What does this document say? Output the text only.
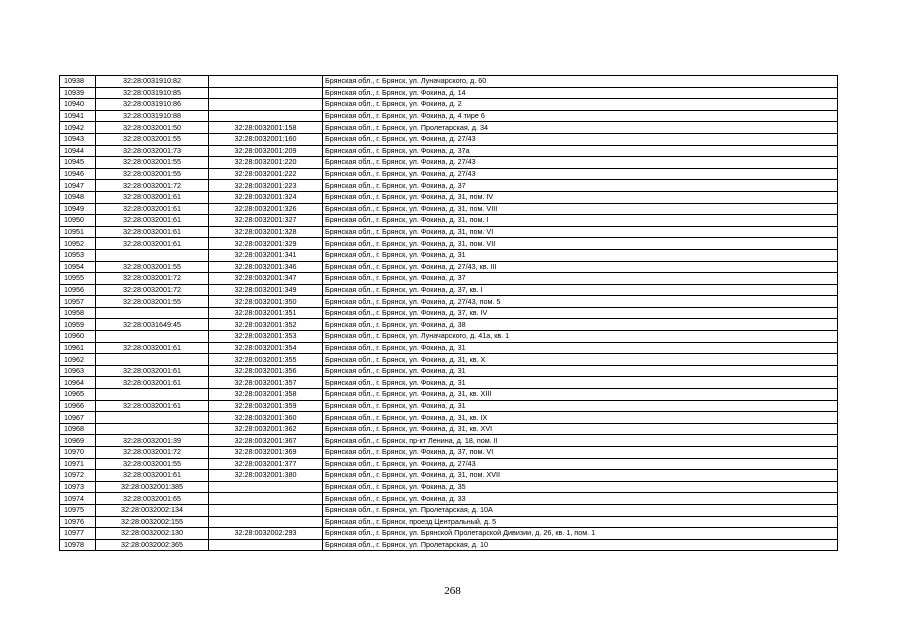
10938	32:28:0031910:82		Брянская обл., г. Брянск, ул. Луначарского, д. 60
10939	32:28:0031910:85		Брянская обл., г. Брянск, ул. Фокина, д. 14
10940	32:28:0031910:86		Брянская обл., г. Брянск, ул. Фокина, д. 2
10941	32:28:0031910:88		Брянская обл., г. Брянск, ул. Фокина, д. 4 тире 6
10942	32:28:0032001:50	32:28:0032001:158	Брянская обл., г. Брянск, ул. Пролетарская, д. 34
10943	32:28:0032001:55	32:28:0032001:160	Брянская обл., г. Брянск, ул. Фокина, д. 27/43
10944	32:28:0032001:73	32:28:0032001:209	Брянская обл., г. Брянск, ул. Фокина, д. 37а
10945	32:28:0032001:55	32:28:0032001:220	Брянская обл., г. Брянск, ул. Фокина, д. 27/43
10946	32:28:0032001:55	32:28:0032001:222	Брянская обл., г. Брянск, ул. Фокина, д. 27/43
10947	32:28:0032001:72	32:28:0032001:223	Брянская обл., г. Брянск, ул. Фокина, д. 37
10948	32:28:0032001:61	32:28:0032001:324	Брянская обл., г. Брянск, ул. Фокина, д. 31, пом. IV
10949	32:28:0032001:61	32:28:0032001:326	Брянская обл., г. Брянск, ул. Фокина, д. 31, пом. VIII
10950	32:28:0032001:61	32:28:0032001:327	Брянская обл., г. Брянск, ул. Фокина, д. 31, пом. I
10951	32:28:0032001:61	32:28:0032001:328	Брянская обл., г. Брянск, ул. Фокина, д. 31, пом. VI
10952	32:28:0032001:61	32:28:0032001:329	Брянская обл., г. Брянск, ул. Фокина, д. 31, пом. VII
10953		32:28:0032001:341	Брянская обл., г. Брянск, ул. Фокина, д. 31
10954	32:28:0032001:55	32:28:0032001:346	Брянская обл., г. Брянск, ул. Фокина, д. 27/43, кв. III
10955	32:28:0032001:72	32:28:0032001:347	Брянская обл., г. Брянск, ул. Фокина, д. 37
10956	32:28:0032001:72	32:28:0032001:349	Брянская обл., г. Брянск, ул. Фокина, д. 37, кв. I
10957	32:28:0032001:55	32:28:0032001:350	Брянская обл., г. Брянск, ул. Фокина, д. 27/43, пом. 5
10958		32:28:0032001:351	Брянская обл., г. Брянск, ул. Фокина, д. 37, кв. IV
10959	32:28:0031649:45	32:28:0032001:352	Брянская обл., г. Брянск, ул. Фокина, д. 38
10960		32:28:0032001:353	Брянская обл., г. Брянск, ул. Луначарского, д. 41а, кв. 1
10961	32:28:0032001:61	32:28:0032001:354	Брянская обл., г. Брянск, ул. Фокина, д. 31
10962		32:28:0032001:355	Брянская обл., г. Брянск, ул. Фокина, д. 31, кв. X
10963	32:28:0032001:61	32:28:0032001:356	Брянская обл., г. Брянск, ул. Фокина, д. 31
10964	32:28:0032001:61	32:28:0032001:357	Брянская обл., г. Брянск, ул. Фокина, д. 31
10965		32:28:0032001:358	Брянская обл., г. Брянск, ул. Фокина, д. 31, кв. XIII
10966	32:28:0032001:61	32:28:0032001:359	Брянская обл., г. Брянск, ул. Фокина, д. 31
10967		32:28:0032001:360	Брянская обл., г. Брянск, ул. Фокина, д. 31, кв. IX
10968		32:28:0032001:362	Брянская обл., г. Брянск, ул. Фокина, д. 31, кв. XVI
10969	32:28:0032001:39	32:28:0032001:367	Брянская обл., г. Брянск, пр-кт Ленина, д. 18, пом. II
10970	32:28:0032001:72	32:28:0032001:369	Брянская обл., г. Брянск, ул. Фокина, д. 37, пом. VI
10971	32:28:0032001:55	32:28:0032001:377	Брянская обл., г. Брянск, ул. Фокина, д. 27/43
10972	32:28:0032001:61	32:28:0032001:380	Брянская обл., г. Брянск, ул. Фокина, д. 31, пом. XVII
10973	32:28:0032001:385		Брянская обл., г. Брянск, ул. Фокина, д. 35
10974	32:28:0032001:65		Брянская обл., г. Брянск, ул. Фокина, д. 33
10975	32:28:0032002:134		Брянская обл., г. Брянск, ул. Пролетарская, д. 10А
10976	32:28:0032002:155		Брянская обл., г. Брянск, проезд Центральный, д. 5
10977	32:28:0032002:130	32:28:0032002:293	Брянская обл., г. Брянск, ул. Брянской Пролетарской Дивизии, д. 26, кв. 1, пом. 1
10978	32:28:0032002:365		Брянская обл., г. Брянск, ул. Пролетарская, д. 10
268
